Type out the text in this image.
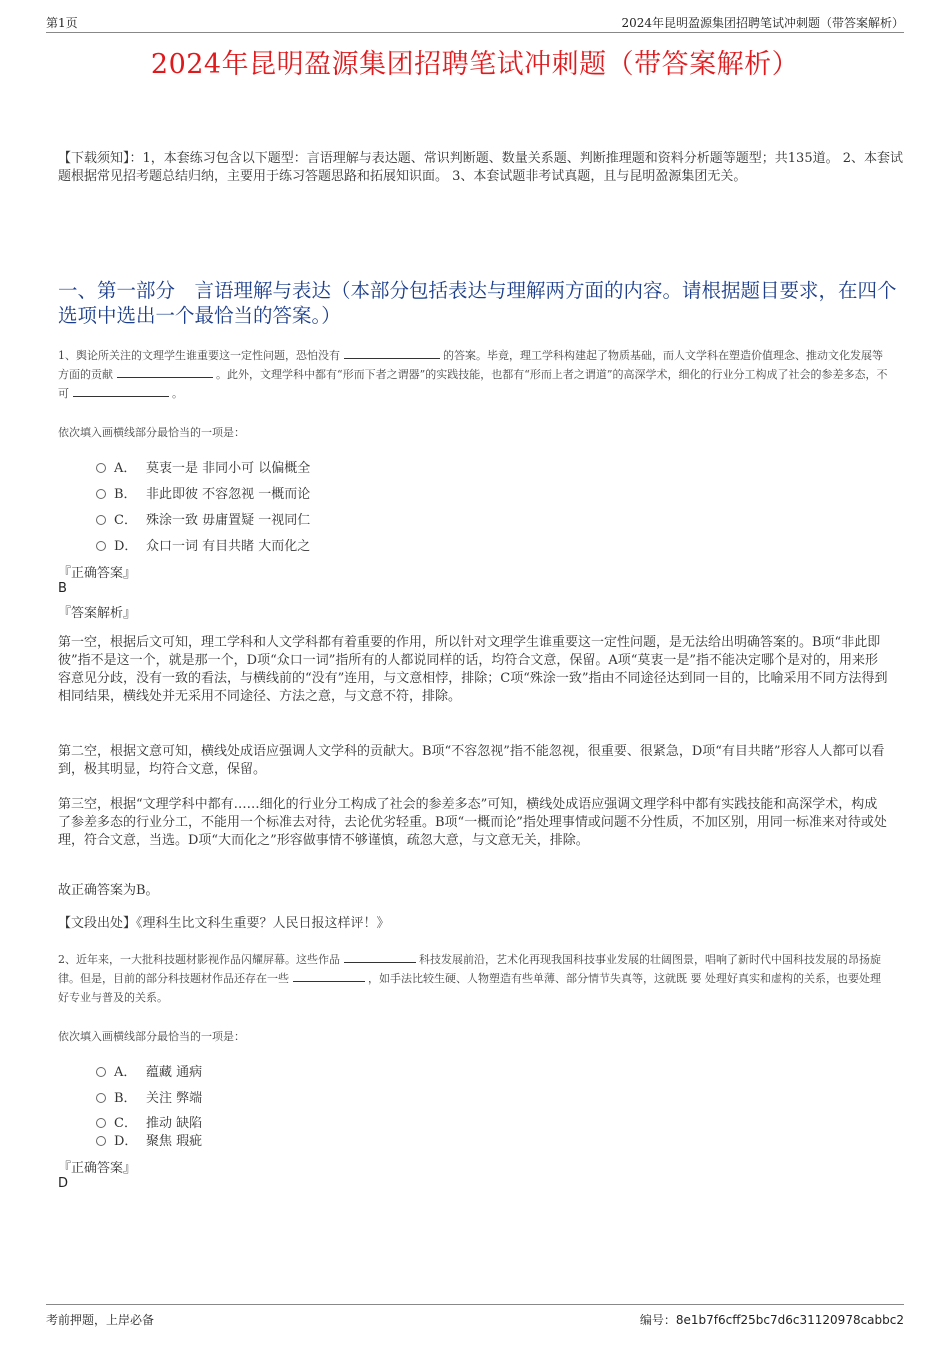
第1页	2024年昆明盈源集团招聘笔试冲刺题（带答案解析）
2024年昆明盈源集团招聘笔试冲刺题（带答案解析）
【下载须知】：1，本套练习包含以下题型：言语理解与表达题、常识判断题、数量关系题、判断推理题和资料分析题等题型；共135道。 2、本套试题根据常见招考题总结归纳，主要用于练习答题思路和拓展知识面。 3、本套试题非考试真题，且与昆明盈源集团无关。
一、第一部分　言语理解与表达（本部分包括表达与理解两方面的内容。请根据题目要求，在四个选项中选出一个最恰当的答案。）
1、舆论所关注的文理学生谁重要这一定性问题，恐怕没有	的答案。毕竟，理工学科构建起了物质基础，而人文学科在塑造价值理念、推动文化发展等方面的贡献	。此外，文理学科中都有“形而下者之谓器”的实践技能，也都有“形而上者之谓道”的高深学术，细化的行业分工构成了社会的参差多态，不可	。
依次填入画横线部分最恰当的一项是：
A． 莫衷一是 非同小可 以偏概全
B． 非此即彼 不容忽视 一概而论
C． 殊涂一致 毋庸置疑 一视同仁
D． 众口一词 有目共睹 大而化之
『正确答案』
B
『答案解析』
第一空，根据后文可知，理工学科和人文学科都有着重要的作用，所以针对文理学生谁重要这一定性问题，是无法给出明确答案的。B项“非此即彼”指不是这一个，就是那一个，D项“众口一词”指所有的人都说同样的话，均符合文意，保留。A项“莫衷一是”指不能决定哪个是对的，用来形容意见分歧，没有一致的看法，与横线前的“没有”连用，与文意相悖，排除；C项“殊涂一致”指由不同途径达到同一目的，比喻采用不同方法得到相同结果，横线处并无采用不同途径、方法之意，与文意不符，排除。
第二空，根据文意可知，横线处成语应强调人文学科的贡献大。B项“不容忽视”指不能忽视，很重要、很紧急，D项“有目共睹”形容人人都可以看到，极其明显，均符合文意，保留。
第三空，根据“文理学科中都有……细化的行业分工构成了社会的参差多态”可知，横线处成语应强调文理学科中都有实践技能和高深学术，构成了参差多态的行业分工，不能用一个标准去对待，去论优劣轻重。B项“一概而论”指处理事情或问题不分性质，不加区别，用同一标准来对待或处理，符合文意，当选。D项“大而化之”形容做事情不够谨慎，疏忽大意，与文意无关，排除。
故正确答案为B。
【文段出处】《理科生比文科生重要？人民日报这样评！》
2、近年来，一大批科技题材影视作品闪耀屏幕。这些作品	科技发展前沿，艺术化再现我国科技事业发展的壮阔图景，唱响了新时代中国科技发展的昂扬旋律。但是，目前的部分科技题材作品还存在一些	，如手法比较生硬、人物塑造有些单薄、部分情节失真等，这就既 要 处理好真实和虚构的关系，也要处理好专业与普及的关系。
依次填入画横线部分最恰当的一项是：
A． 蕴藏 通病
B． 关注 弊端
C． 推动 缺陷
D． 聚焦 瑕疵
『正确答案』
D
考前押题，上岸必备	编号：8e1b7f6cff25bc7d6c31120978cabbc2
